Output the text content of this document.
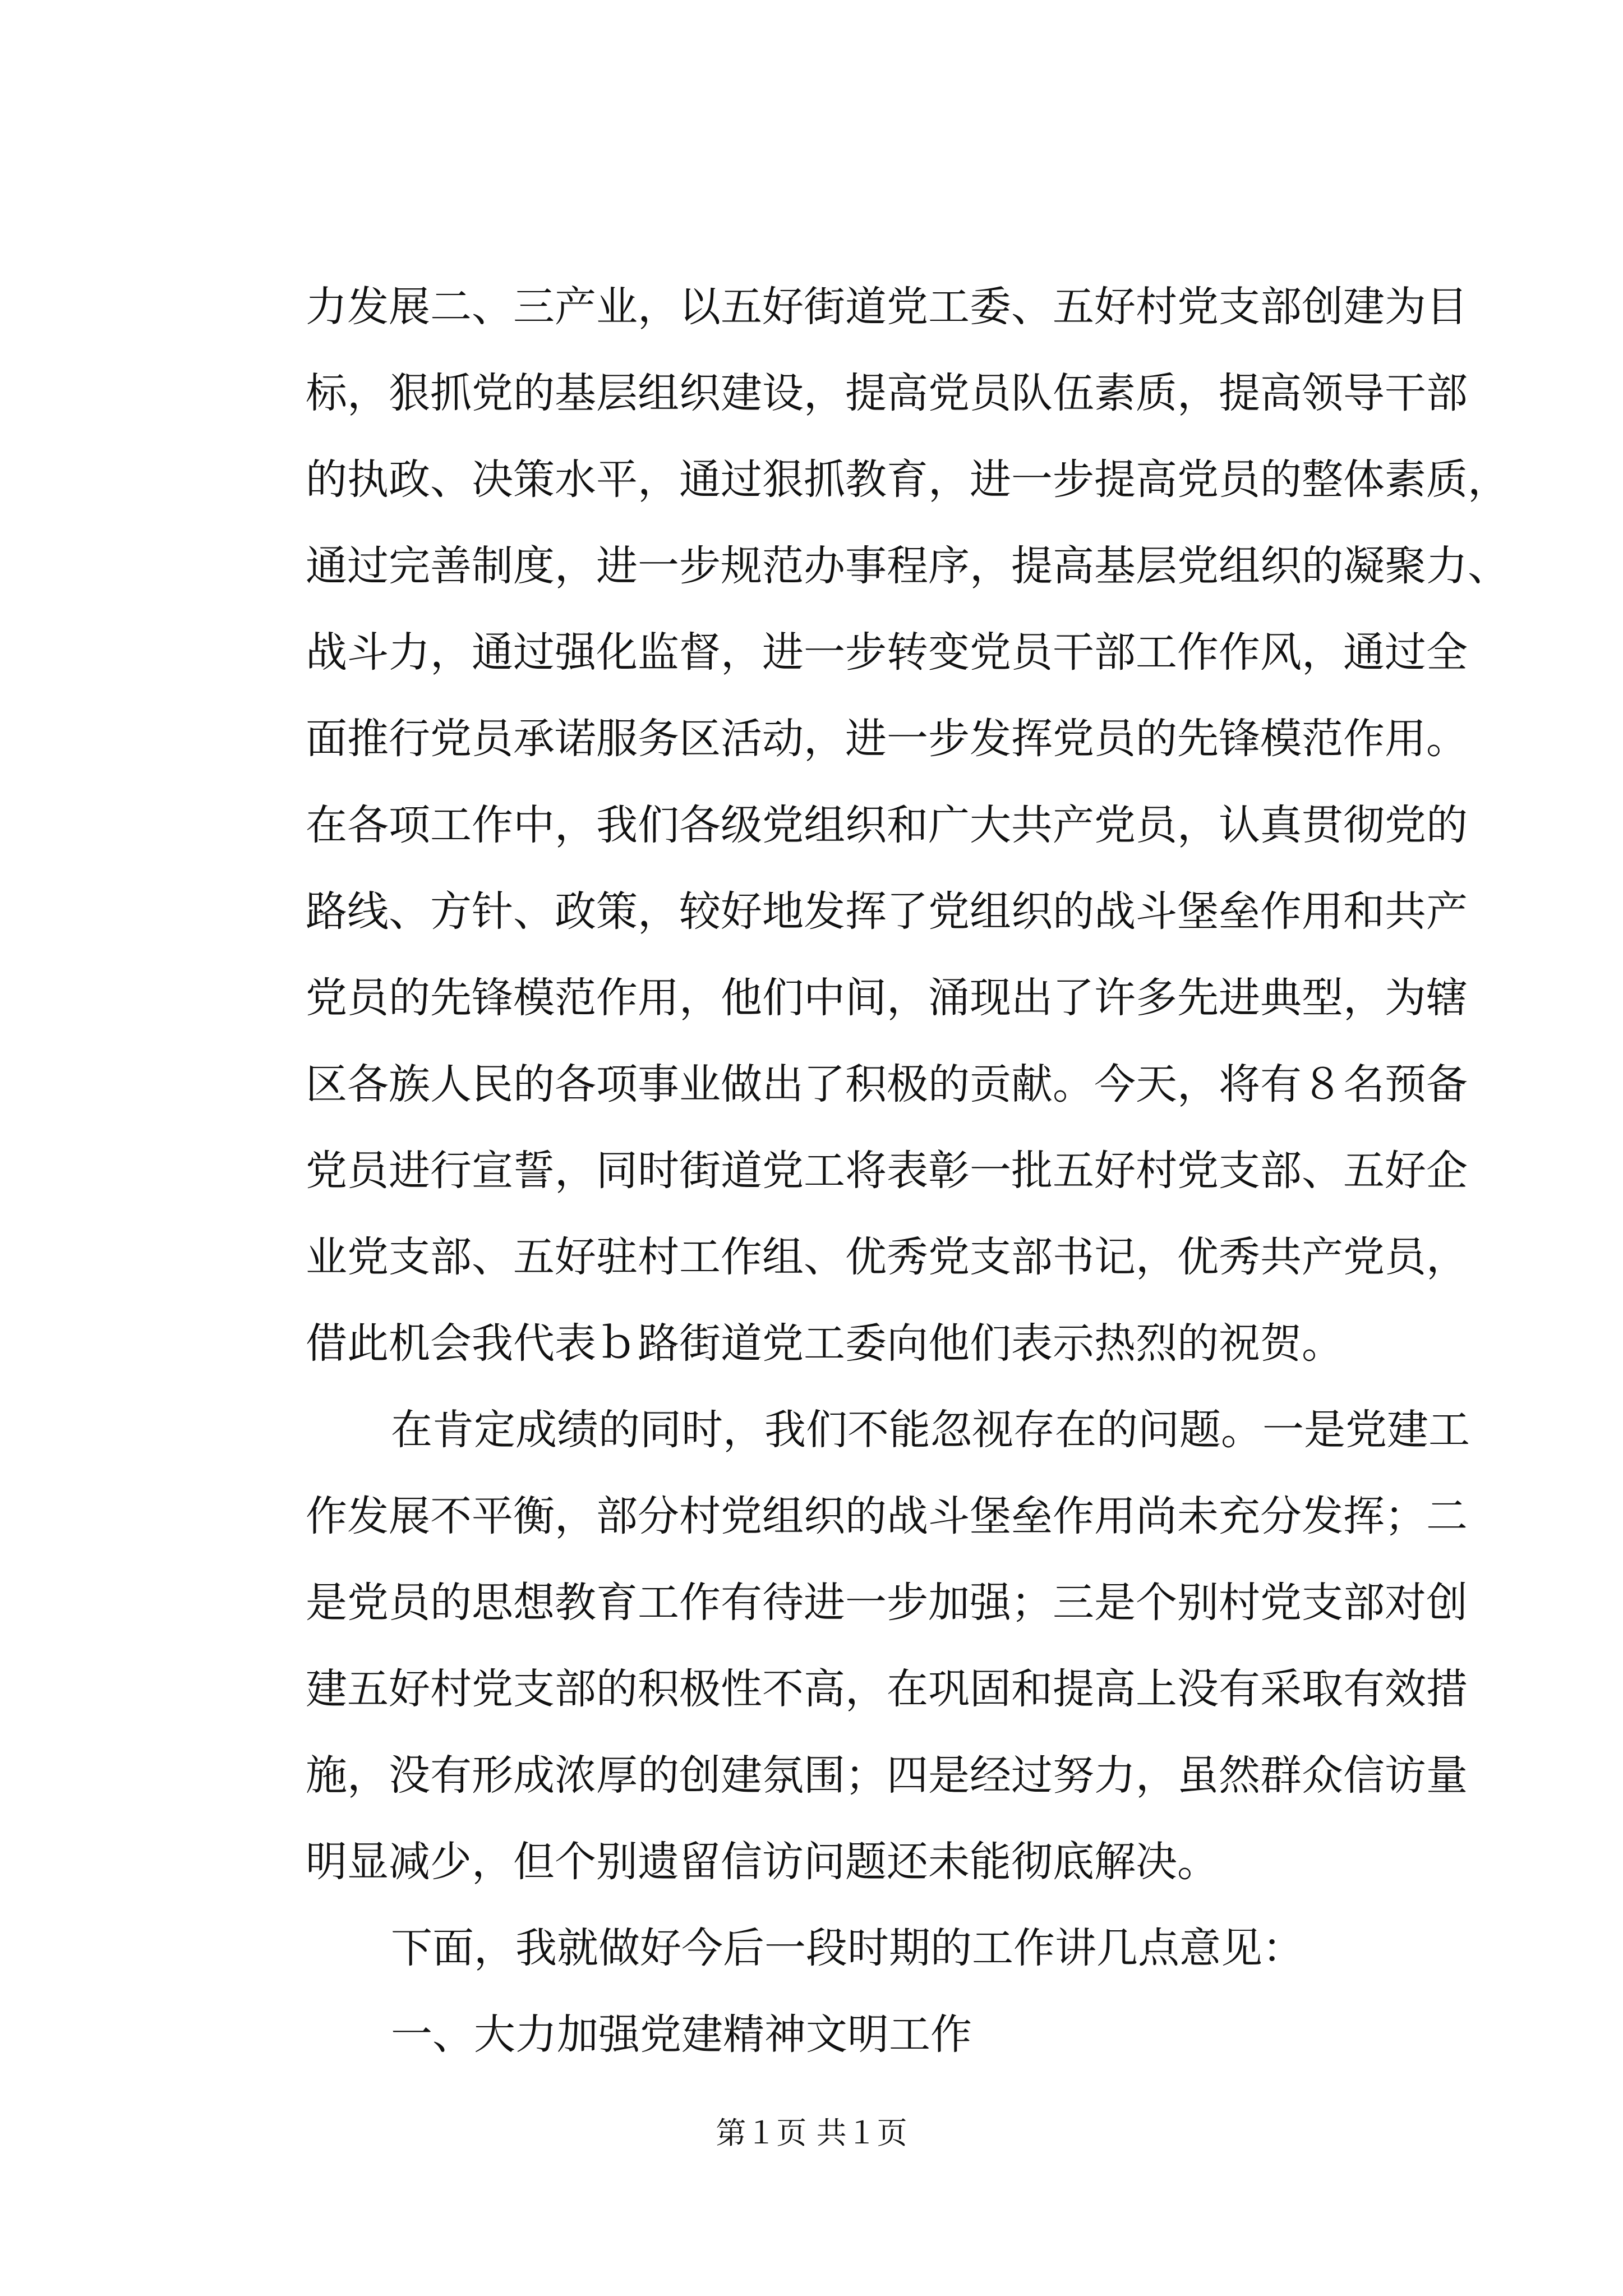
力发展二、三产业，以五好街道党工委、五好村党支部创建为目
标，狠抓党的基层组织建设，提高党员队伍素质，提高领导干部
的执政、决策水平，通过狠抓教育，进一步提高党员的整体素质，
通过完善制度，进一步规范办事程序，提高基层党组织的凝聚力、
战斗力，通过强化监督，进一步转变党员干部工作作风，通过全
面推行党员承诺服务区活动，进一步发挥党员的先锋模范作用。
在各项工作中，我们各级党组织和广大共产党员，认真贯彻党的
路线、方针、政策，较好地发挥了党组织的战斗堡垒作用和共产
党员的先锋模范作用，他们中间，涌现出了许多先进典型，为辖
区各族人民的各项事业做出了积极的贡献。今天，将有８名预备
党员进行宣誓，同时街道党工将表彰一批五好村党支部、五好企
业党支部、五好驻村工作组、优秀党支部书记，优秀共产党员，
借此机会我代表ｂ路街道党工委向他们表示热烈的祝贺。
在肯定成绩的同时，我们不能忽视存在的问题。一是党建工
作发展不平衡，部分村党组织的战斗堡垒作用尚未充分发挥；二
是党员的思想教育工作有待进一步加强；三是个别村党支部对创
建五好村党支部的积极性不高，在巩固和提高上没有采取有效措
施，没有形成浓厚的创建氛围；四是经过努力，虽然群众信访量
明显减少，但个别遗留信访问题还未能彻底解决。
下面，我就做好今后一段时期的工作讲几点意见：
一、大力加强党建精神文明工作
第１页 共１页
